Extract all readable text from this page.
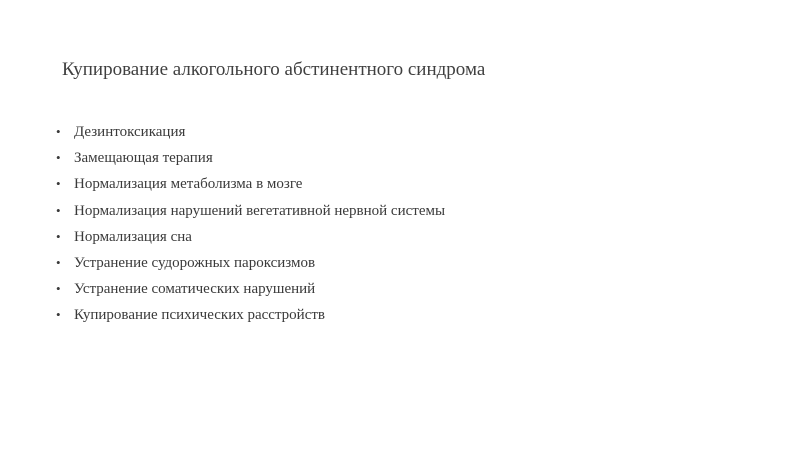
Купирование алкогольного абстинентного синдрома
• Дезинтоксикация
• Замещающая терапия
• Нормализация метаболизма в мозге
• Нормализация нарушений вегетативной нервной системы
• Нормализация сна
• Устранение судорожных пароксизмов
• Устранение соматических нарушений
• Купирование психических расстройств
